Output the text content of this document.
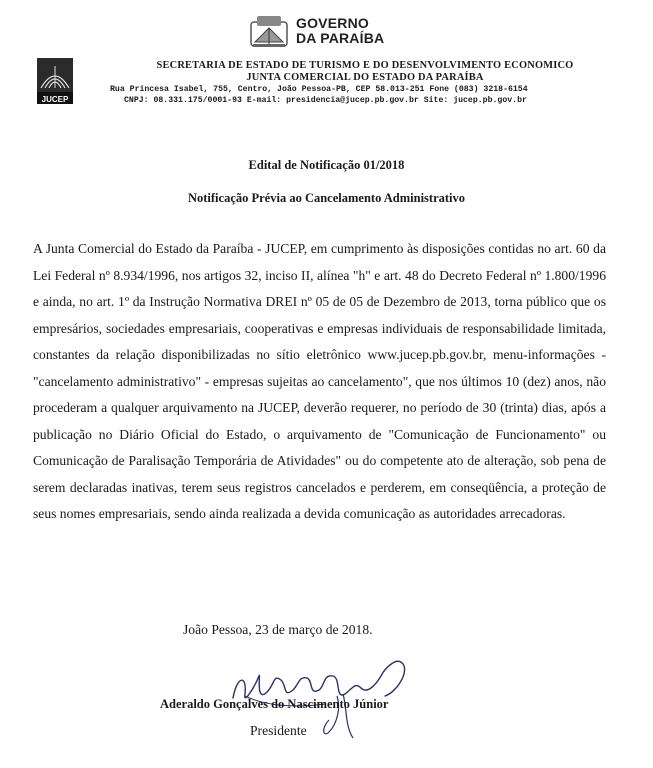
GOVERNO
DA PARAÍBA
JUCEP
SECRETARIA DE ESTADO DE TURISMO E DO DESENVOLVIMENTO ECONOMICO
JUNTA COMERCIAL DO ESTADO DA PARAÍBA
Rua Princesa Isabel, 755, Centro, João Pessoa-PB, CEP 58.013-251 Fone (083) 3218-6154
CNPJ: 08.331.175/0001-93 E-mail: presidencia@jucep.pb.gov.br Site: jucep.pb.gov.br
Edital de Notificação 01/2018
Notificação Prévia ao Cancelamento Administrativo
A Junta Comercial do Estado da Paraíba - JUCEP, em cumprimento às disposições contidas no art. 60 da Lei Federal nº 8.934/1996, nos artigos 32, inciso II, alínea "h" e art. 48 do Decreto Federal nº 1.800/1996 e ainda, no art. 1º da Instrução Normativa DREI nº 05 de 05 de Dezembro de 2013, torna público que os empresários, sociedades empresariais, cooperativas e empresas individuais de responsabilidade limitada, constantes da relação disponibilizadas no sítio eletrônico www.jucep.pb.gov.br, menu-informações - "cancelamento administrativo" - empresas sujeitas ao cancelamento", que nos últimos 10 (dez) anos, não procederam a qualquer arquivamento na JUCEP, deverão requerer, no período de 30 (trinta) dias, após a publicação no Diário Oficial do Estado, o arquivamento de "Comunicação de Funcionamento" ou Comunicação de Paralisação Temporária de Atividades" ou do competente ato de alteração, sob pena de serem declaradas inativas, terem seus registros cancelados e perderem, em conseqüência, a proteção de seus nomes empresariais, sendo ainda realizada a devida comunicação as autoridades arrecadoras.
João Pessoa, 23 de março de 2018.
Aderaldo Gonçalves do Nascimento Júnior
Presidente
